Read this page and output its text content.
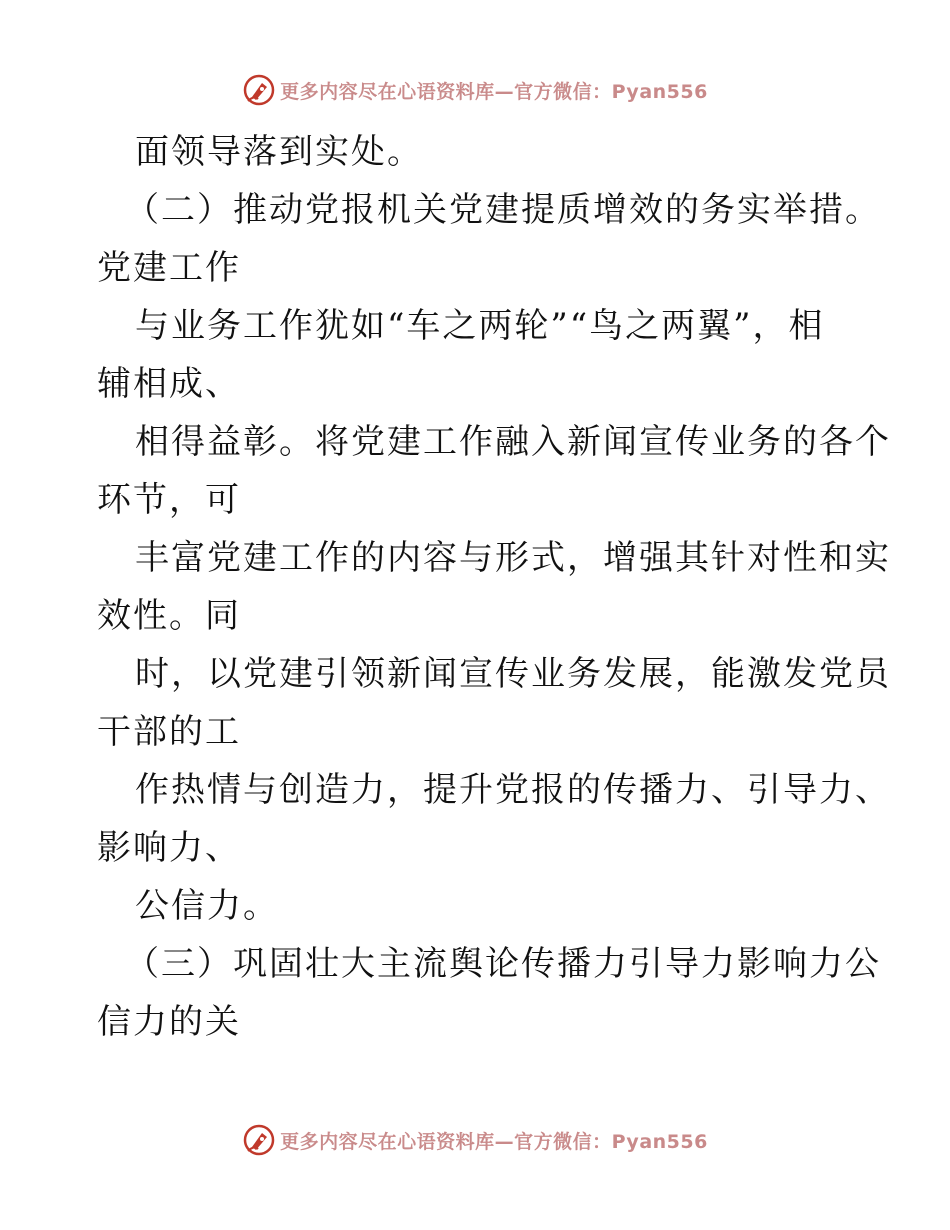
更多内容尽在心语资料库—官方微信：Pyan556
面领导落到实处。
（二）推动党报机关党建提质增效的务实举措。
党建工作
与业务工作犹如“车之两轮”“鸟之两翼”，相
辅相成、
相得益彰。将党建工作融入新闻宣传业务的各个
环节，可
丰富党建工作的内容与形式，增强其针对性和实
效性。同
时，以党建引领新闻宣传业务发展，能激发党员
干部的工
作热情与创造力，提升党报的传播力、引导力、
影响力、
公信力。
（三）巩固壮大主流舆论传播力引导力影响力公
信力的关
更多内容尽在心语资料库—官方微信：Pyan556
